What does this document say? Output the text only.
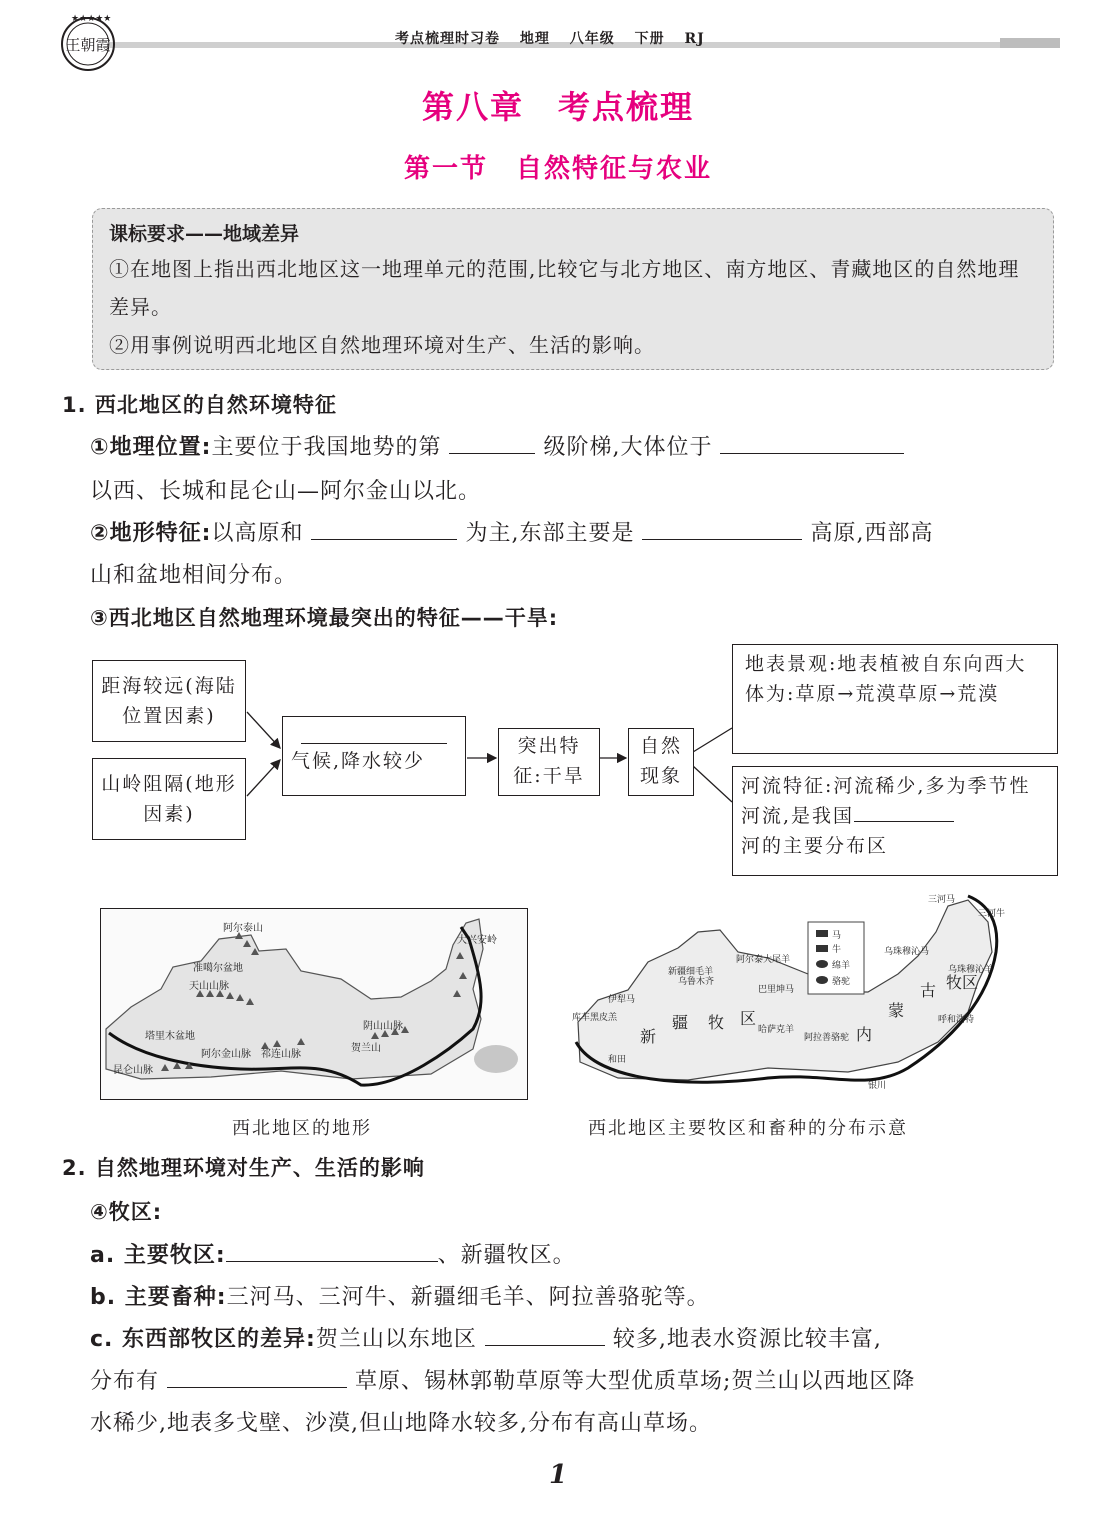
★★★★★
王朝霞	考点梳理时习卷 地理 八年级 下册 RJ
第八章　考点梳理
第一节　自然特征与农业
课标要求——地域差异

①在地图上指出西北地区这一地理单元的范围,比较它与北方地区、南方地区、青藏地区的自然地理差异。

②用事例说明西北地区自然地理环境对生产、生活的影响。

1. 西北地区的自然环境特征
①地理位置:主要位于我国地势的第	级阶梯,大体位于
以西、长城和昆仑山—阿尔金山以北。
②地形特征:以高原和	为主,东部主要是	高原,西部高
山和盆地相间分布。
③西北地区自然地理环境最突出的特征——干旱:
距海较远(海陆位置因素)
山岭阻隔(地形因素)
气候,降水较少
突出特征:干旱
自然现象
地表景观:地表植被自东向西大体为:草原→荒漠草原→荒漠
河流特征:河流稀少,多为季节性河流,是我国
河的主要分布区
阿尔泰山
大兴安岭
准噶尔盆地
天山山脉
阴山山脉
塔里木盆地
阿尔金山脉 祁连山脉
贺兰山
昆仑山脉
西北地区的地形
马
牛
绵羊
骆驼
三河马
三河牛
乌珠穆沁马
乌珠穆沁羊
阿尔泰大尾羊
新疆细毛羊
乌鲁木齐
伊犁马
库车黑皮羔
巴里坤马
呼和浩特
阿拉善骆驼
哈萨克羊
和田
银川
新
疆 牧 区
内
蒙
古 牧区
西北地区主要牧区和畜种的分布示意
2. 自然地理环境对生产、生活的影响
④牧区:
a. 主要牧区:	、新疆牧区。
b. 主要畜种:三河马、三河牛、新疆细毛羊、阿拉善骆驼等。
c. 东西部牧区的差异:贺兰山以东地区	较多,地表水资源比较丰富,
分布有	草原、锡林郭勒草原等大型优质草场;贺兰山以西地区降
水稀少,地表多戈壁、沙漠,但山地降水较多,分布有高山草场。
1
